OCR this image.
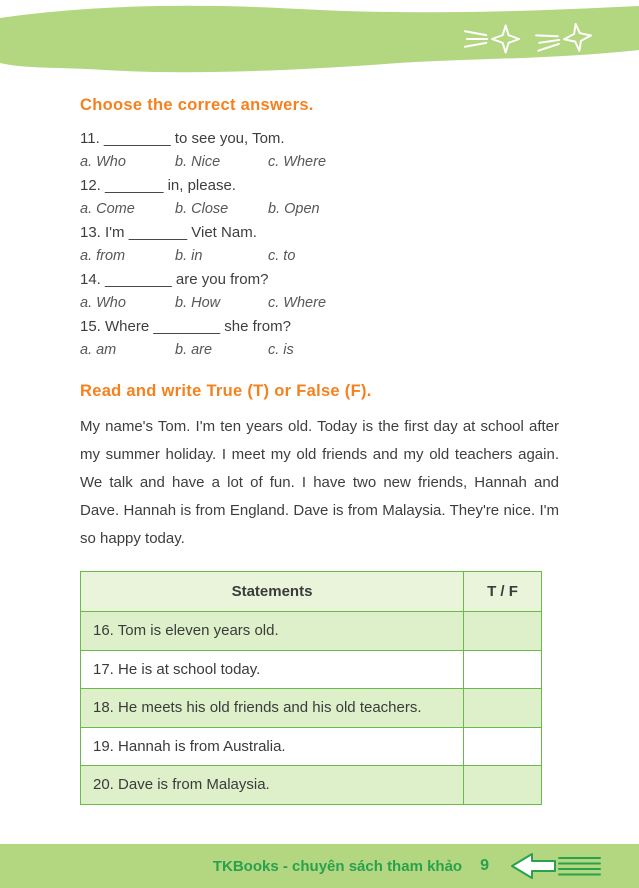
Choose the correct answers.

11. ________ to see you, Tom.

a. Who	b. Nice	c. Where

12. _______ in, please.

a. Come	b. Close	b. Open

13. I'm _______ Viet Nam.

a. from	b. in	c. to

14. ________ are you from?

a. Who	b. How	c. Where

15. Where ________ she from?

a. am	b. are	c. is
Read and write True (T) or False (F).

My name's Tom. I'm ten years old. Today is the first day at school after my summer holiday. I meet my old friends and my old teachers again. We talk and have a lot of fun. I have two new friends, Hannah and Dave. Hannah is from England. Dave is from Malaysia. They're nice. I'm so happy today.

Statements	T / F
16. Tom is eleven years old.	
17. He is at school today.	
18. He meets his old friends and his old teachers.	
19. Hannah is from Australia.	
20. Dave is from Malaysia.	
TKBooks - chuyên sách tham khảo 9
